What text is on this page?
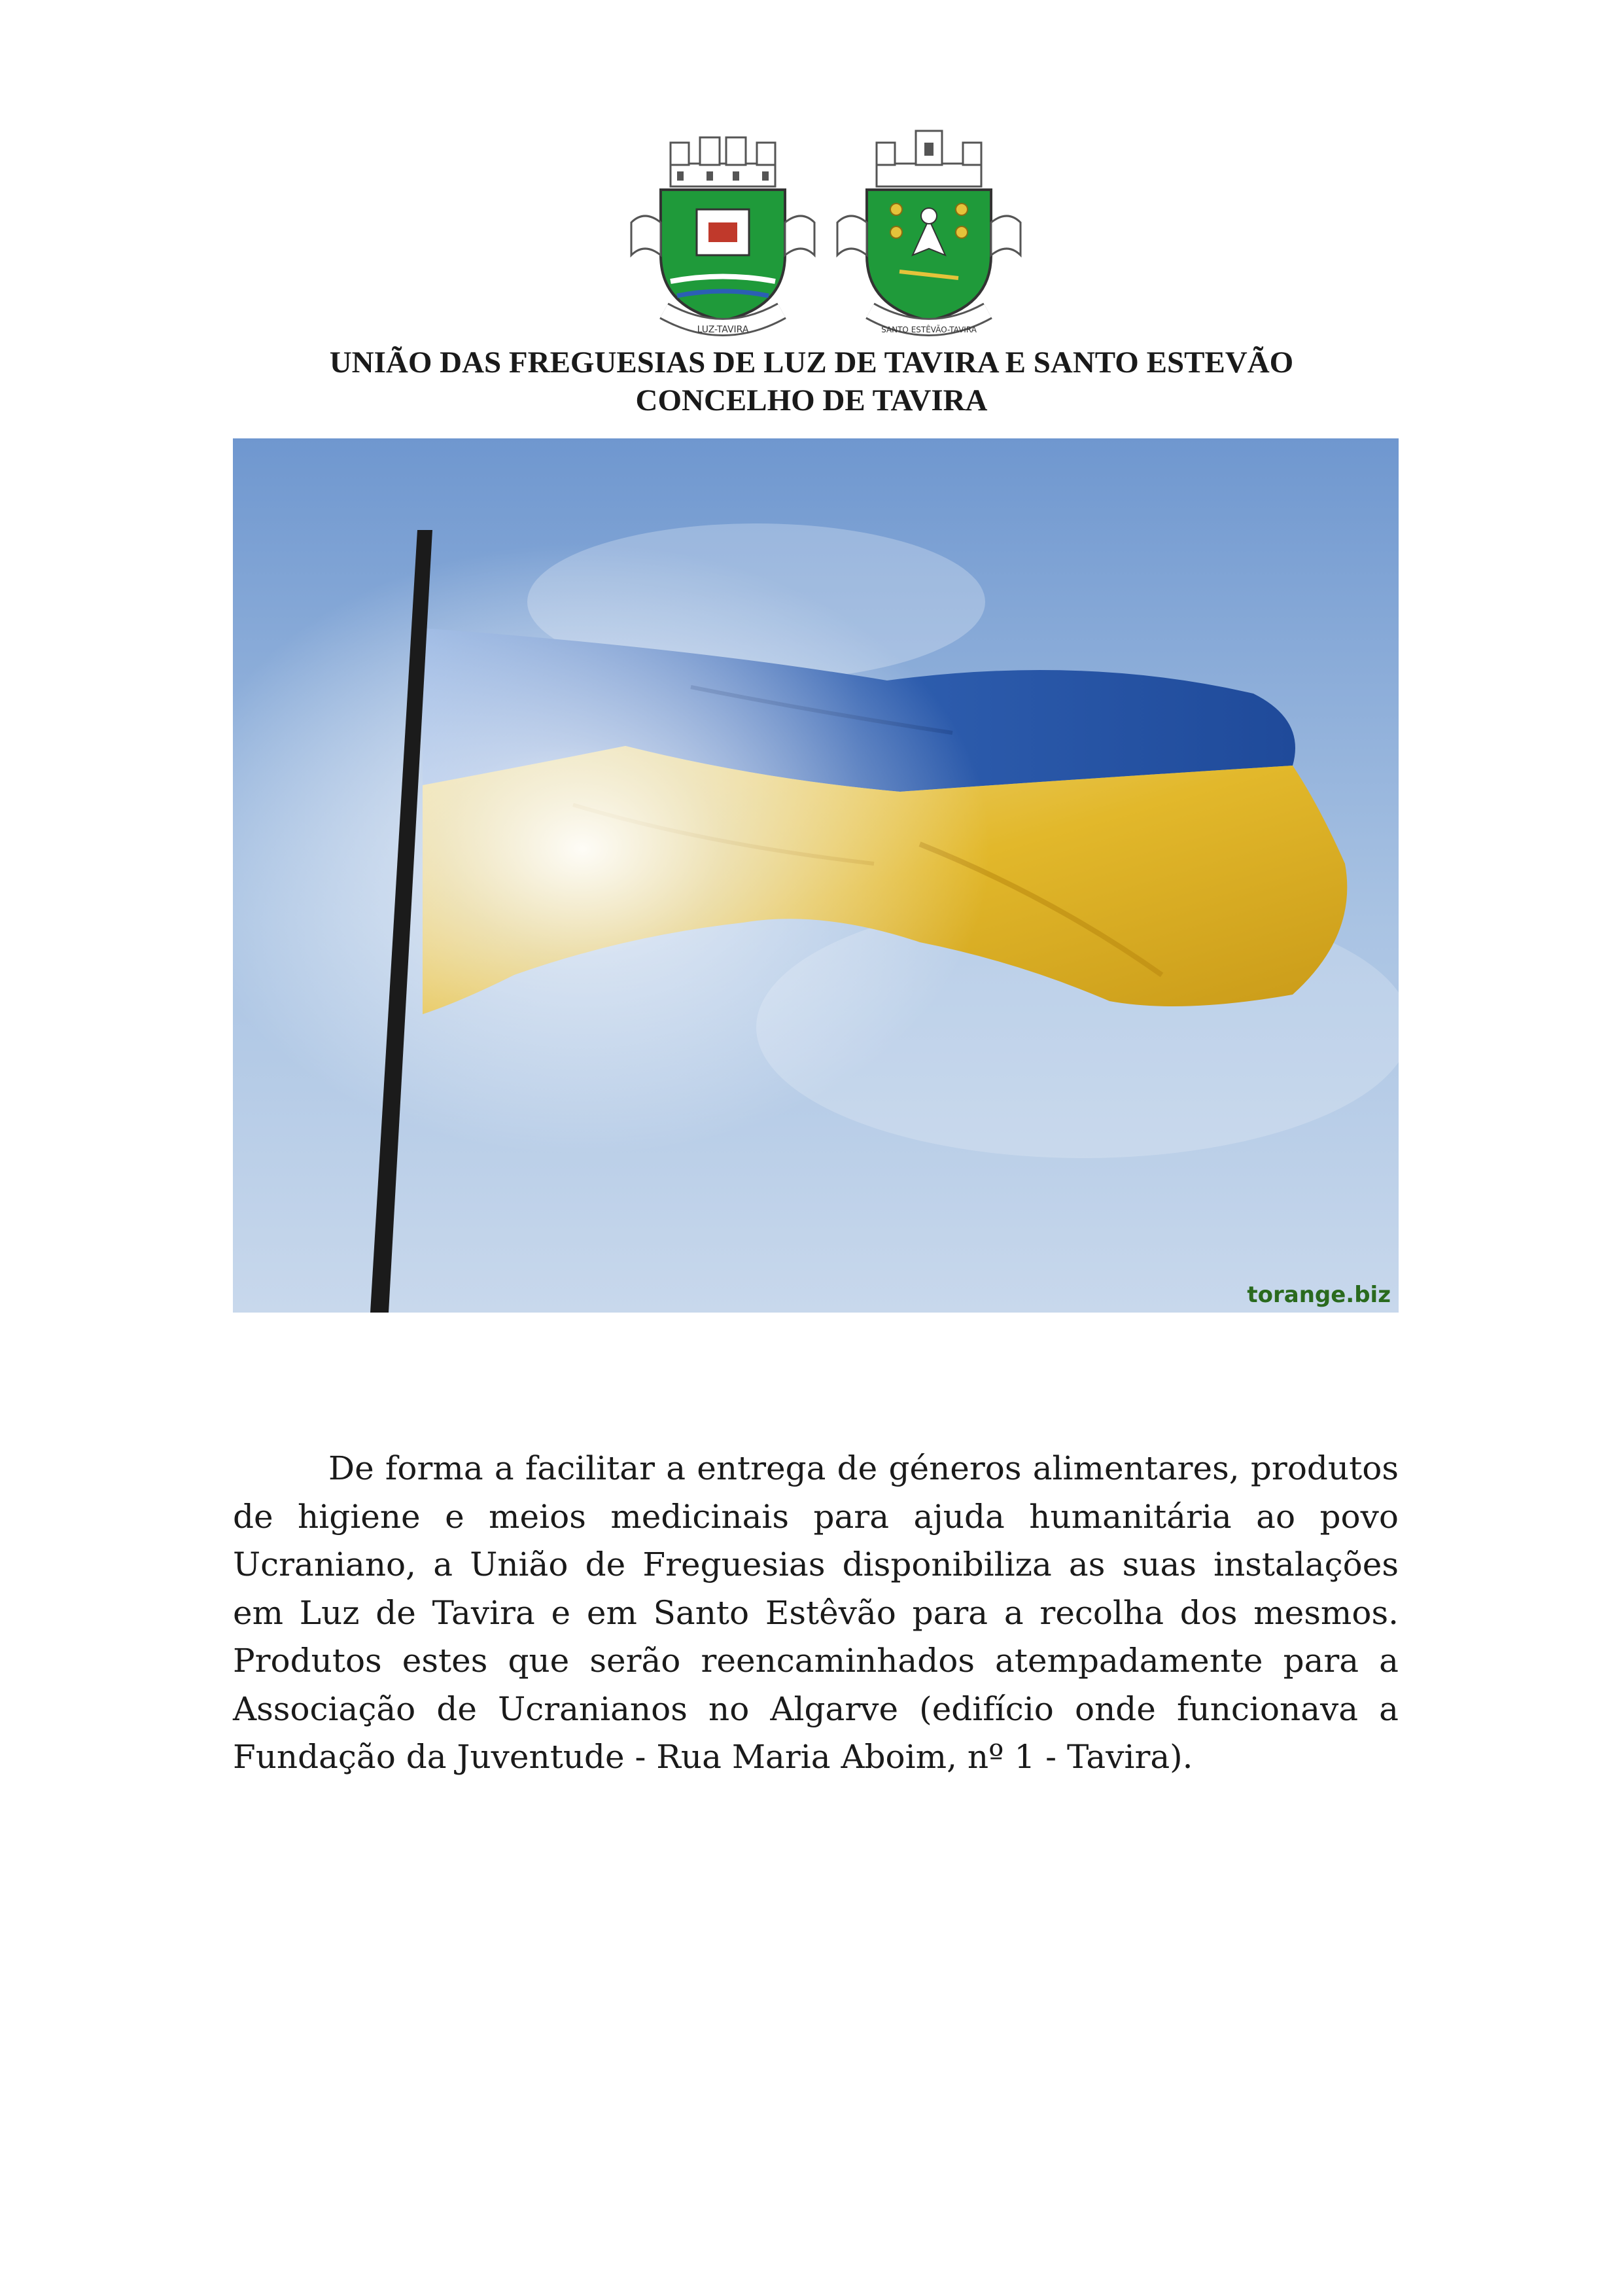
LUZ-TAVIRA	SANTO ESTÊVÃO-TAVIRA
UNIÃO DAS FREGUESIAS DE LUZ DE TAVIRA E SANTO ESTEVÃO
CONCELHO DE TAVIRA
torange.biz

De forma a facilitar a entrega de géneros alimentares, produtos de higiene e meios medicinais para ajuda humanitária ao povo Ucraniano, a União de Freguesias disponibiliza as suas instalações em Luz de Tavira e em Santo Estêvão para a recolha dos mesmos. Produtos estes que serão reencaminhados atempadamente para a Associação de Ucranianos no Algarve (edifício onde funcionava a Fundação da Juventude - Rua Maria Aboim, nº 1 - Tavira).
